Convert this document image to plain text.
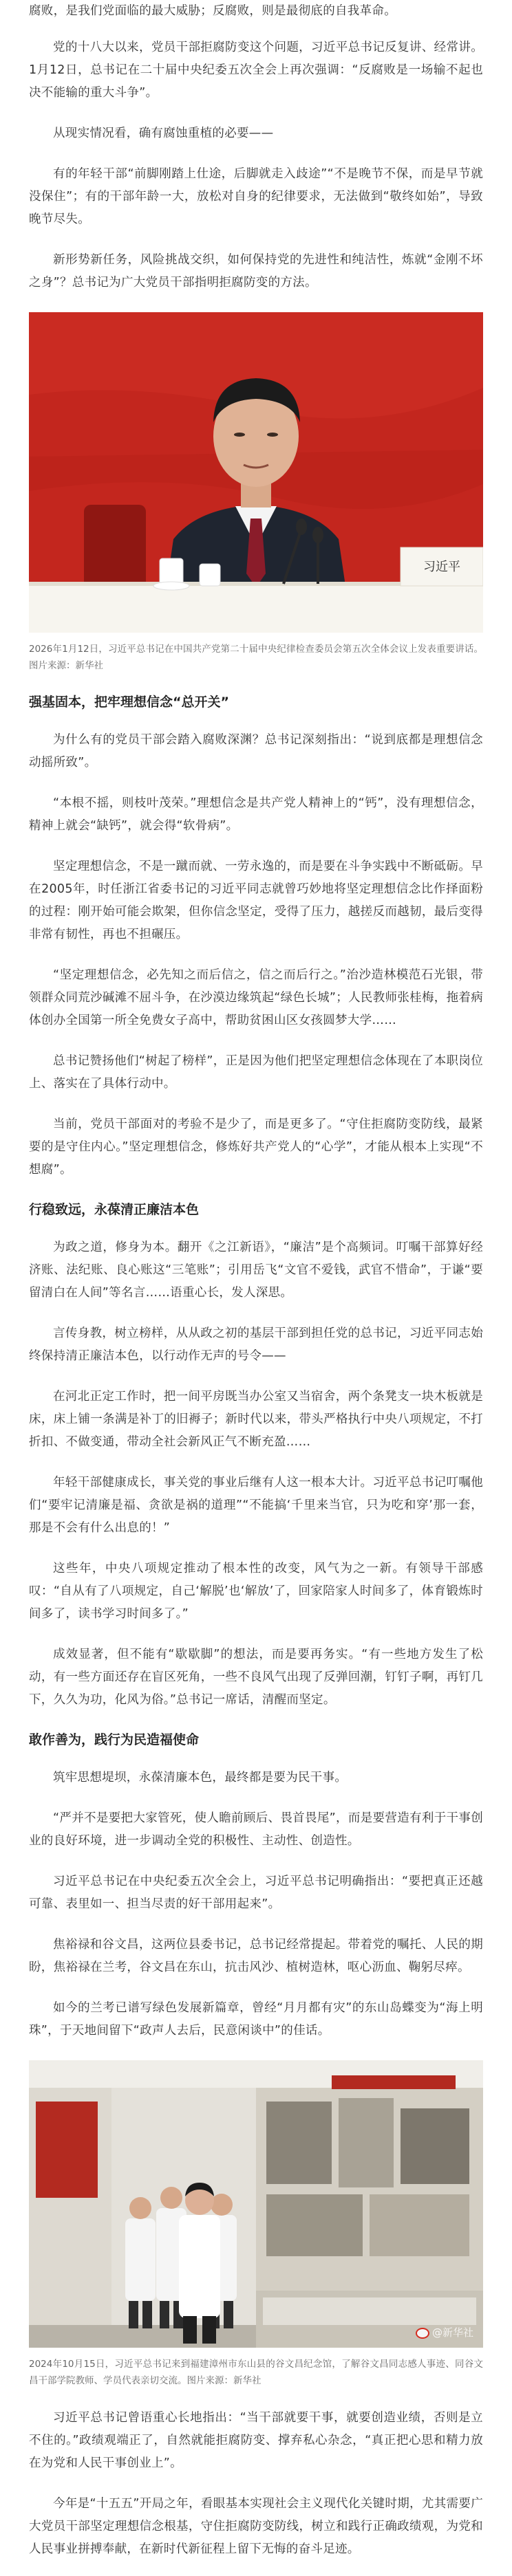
腐败，是我们党面临的最大威胁；反腐败，则是最彻底的自我革命。

党的十八大以来，党员干部拒腐防变这个问题，习近平总书记反复讲、经常讲。1月12日，总书记在二十届中央纪委五次全会上再次强调：“反腐败是一场输不起也决不能输的重大斗争”。

从现实情况看，确有腐蚀重植的必要——

有的年轻干部“前脚刚踏上仕途，后脚就走入歧途”“不是晚节不保，而是早节就没保住”；有的干部年龄一大，放松对自身的纪律要求，无法做到“敬终如始”，导致晚节尽失。

新形势新任务，风险挑战交织，如何保持党的先进性和纯洁性，炼就“金刚不坏之身”？总书记为广大党员干部指明拒腐防变的方法。

习近平
2026年1月12日，习近平总书记在中国共产党第二十届中央纪律检查委员会第五次全体会议上发表重要讲话。图片来源：新华社
强基固本，把牢理想信念“总开关”

为什么有的党员干部会踏入腐败深渊？总书记深刻指出：“说到底都是理想信念动摇所致”。

“本根不摇，则枝叶茂荣。”理想信念是共产党人精神上的“钙”，没有理想信念，精神上就会“缺钙”，就会得“软骨病”。

坚定理想信念，不是一蹴而就、一劳永逸的，而是要在斗争实践中不断砥砺。早在2005年，时任浙江省委书记的习近平同志就曾巧妙地将坚定理想信念比作择面粉的过程：刚开始可能会欺架，但你信念坚定，受得了压力，越搓反而越韧，最后变得非常有韧性，再也不担碾压。

“坚定理想信念，必先知之而后信之，信之而后行之。”治沙造林模范石光银，带领群众同荒沙碱滩不屈斗争，在沙漠边缘筑起“绿色长城”；人民教师张桂梅，拖着病体创办全国第一所全免费女子高中，帮助贫困山区女孩圆梦大学……

总书记赞扬他们“树起了榜样”，正是因为他们把坚定理想信念体现在了本职岗位上、落实在了具体行动中。

当前，党员干部面对的考验不是少了，而是更多了。“守住拒腐防变防线，最紧要的是守住内心。”坚定理想信念，修炼好共产党人的“心学”，才能从根本上实现“不想腐”。

行稳致远，永葆清正廉洁本色

为政之道，修身为本。翻开《之江新语》，“廉洁”是个高频词。叮嘱干部算好经济账、法纪账、良心账这“三笔账”；引用岳飞“文官不爱钱，武官不惜命”，于谦“要留清白在人间”等名言……语重心长，发人深思。

言传身教，树立榜样，从从政之初的基层干部到担任党的总书记，习近平同志始终保持清正廉洁本色，以行动作无声的号令——

在河北正定工作时，把一间平房既当办公室又当宿舍，两个条凳支一块木板就是床，床上铺一条满是补丁的旧褥子；新时代以来，带头严格执行中央八项规定，不打折扣、不做变通，带动全社会新风正气不断充盈……

年轻干部健康成长，事关党的事业后继有人这一根本大计。习近平总书记叮嘱他们“要牢记清廉是福、贪欲是祸的道理”“不能搞‘千里来当官，只为吃和穿’那一套，那是不会有什么出息的！”

这些年，中央八项规定推动了根本性的改变，风气为之一新。有领导干部感叹：“自从有了八项规定，自己‘解脱’也‘解放’了，回家陪家人时间多了，体育锻炼时间多了，读书学习时间多了。”

成效显著，但不能有“歇歇脚”的想法，而是要再务实。“有一些地方发生了松动，有一些方面还存在盲区死角，一些不良风气出现了反弹回潮，钉钉子啊，再钉几下，久久为功，化风为俗。”总书记一席话，清醒而坚定。

敢作善为，践行为民造福使命

筑牢思想堤坝，永葆清廉本色，最终都是要为民干事。

“严并不是要把大家管死，使人瞻前顾后、畏首畏尾”，而是要营造有利于干事创业的良好环境，进一步调动全党的积极性、主动性、创造性。

习近平总书记在中央纪委五次全会上，习近平总书记明确指出：“要把真正还越可靠、表里如一、担当尽责的好干部用起来”。

焦裕禄和谷文昌，这两位县委书记，总书记经常提起。带着党的嘱托、人民的期盼，焦裕禄在兰考，谷文昌在东山，抗击风沙、植树造林，呕心沥血、鞠躬尽瘁。

如今的兰考已谱写绿色发展新篇章，曾经“月月都有灾”的东山岛蝶变为“海上明珠”，于天地间留下“政声人去后，民意闲谈中”的佳话。

@新华社
2024年10月15日，习近平总书记来到福建漳州市东山县的谷文昌纪念馆，了解谷文昌同志感人事迹、同谷文昌干部学院教师、学员代表亲切交流。图片来源：新华社

习近平总书记曾语重心长地指出：“当干部就要干事，就要创造业绩，否则是立不住的。”政绩观端正了，自然就能拒腐防变、撑弃私心杂念，“真正把心思和精力放在为党和人民干事创业上”。

今年是“十五五”开局之年，看眼基本实现社会主义现代化关键时期，尤其需要广大党员干部坚定理想信念根基，守住拒腐防变防线，树立和践行正确政绩观，为党和人民事业拼搏奉献，在新时代新征程上留下无悔的奋斗足迹。
